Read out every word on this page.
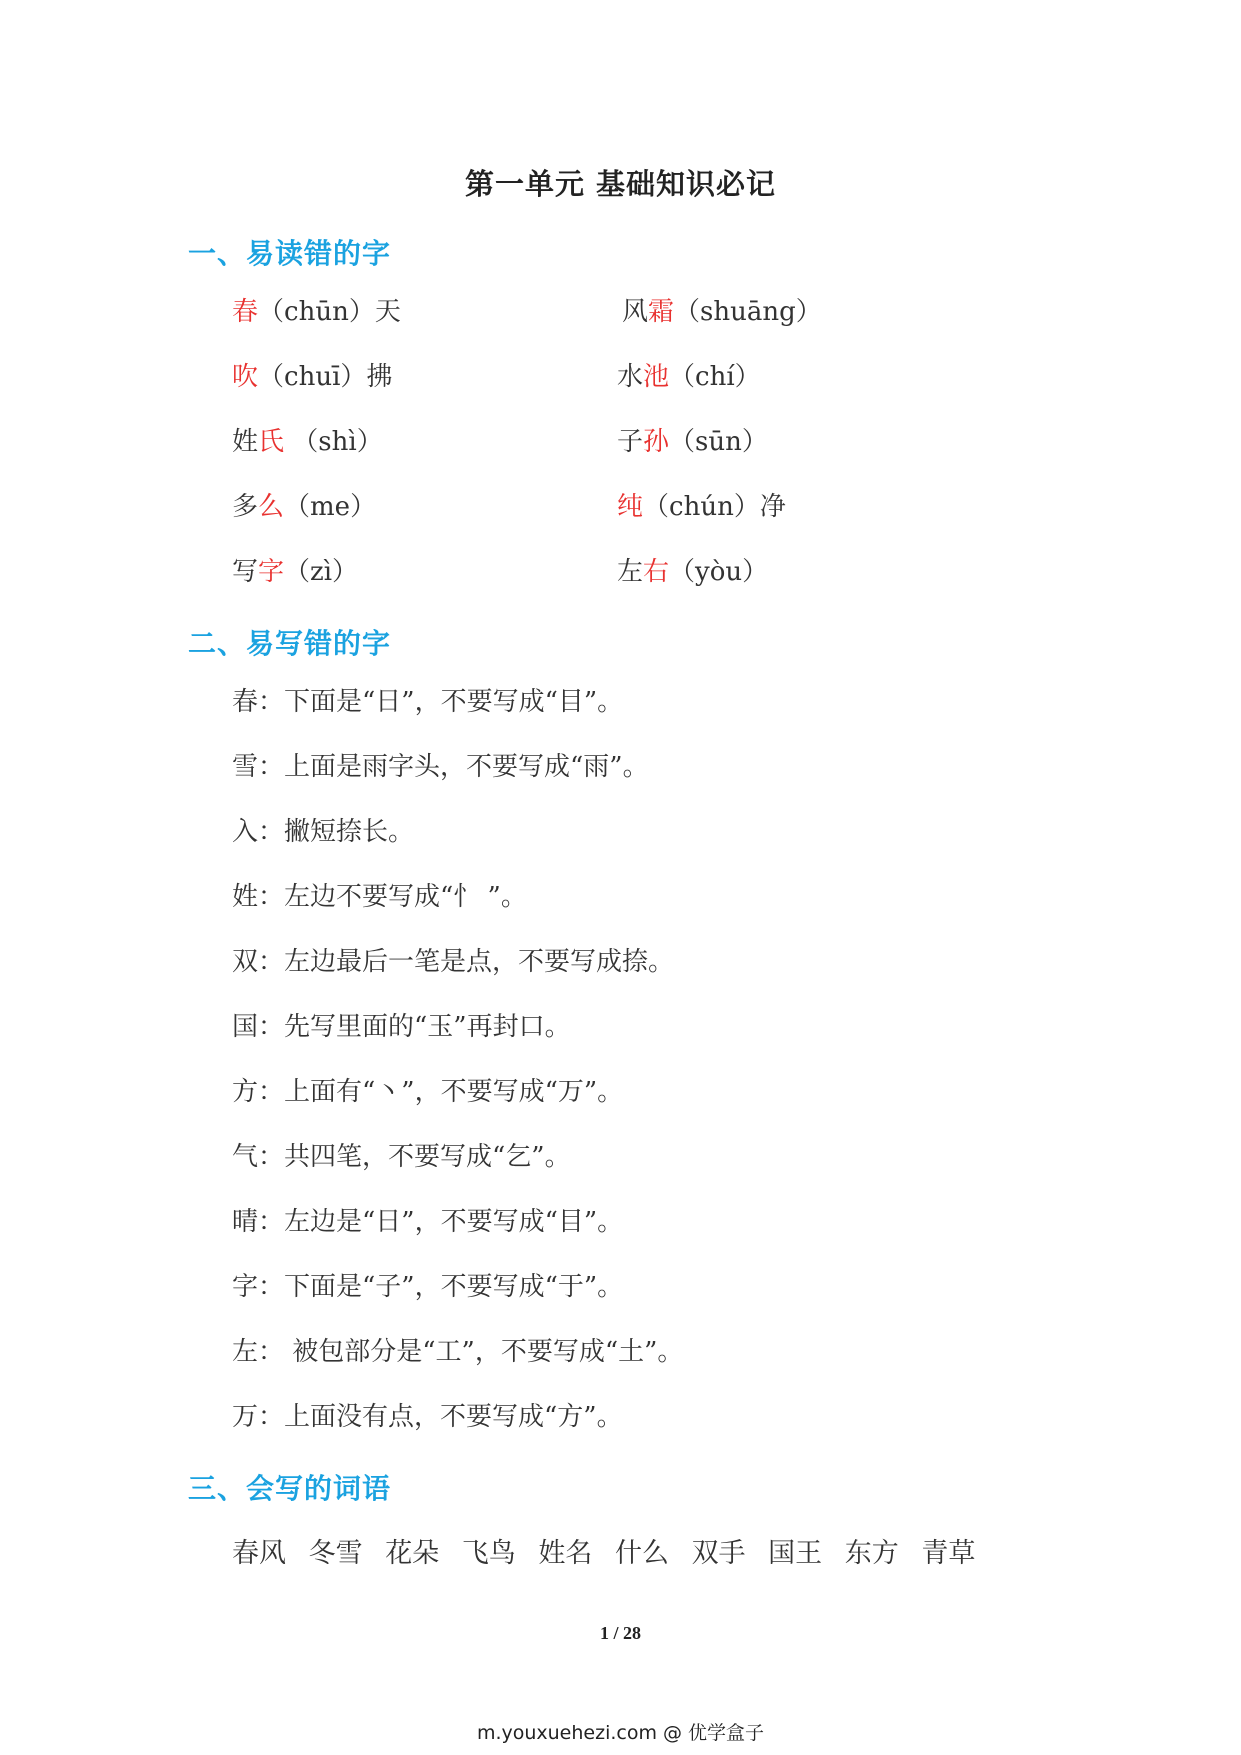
第一单元 基础知识必记
一、易读错的字
春（chūn）天	风霜（shuāng）
吹（chuī）拂	水池（chí）
姓氏 （shì）	子孙（sūn）
多么（me）	纯（chún）净
写字（zì）	左右（yòu）
二、易写错的字
春：下面是“日”，不要写成“目”。
雪：上面是雨字头，不要写成“雨”。
入：撇短捺长。
姓：左边不要写成“忄 ”。
双：左边最后一笔是点，不要写成捺。
国：先写里面的“玉”再封口。
方：上面有“丶”，不要写成“万”。
气：共四笔，不要写成“乞”。
晴：左边是“日”，不要写成“目”。
字：下面是“子”，不要写成“于”。
左： 被包部分是“工”，不要写成“土”。
万：上面没有点，不要写成“方”。
三、会写的词语
春风 冬雪 花朵 飞鸟 姓名 什么 双手 国王 东方 青草
1 / 28
m.youxuehezi.com @ 优学盒子
